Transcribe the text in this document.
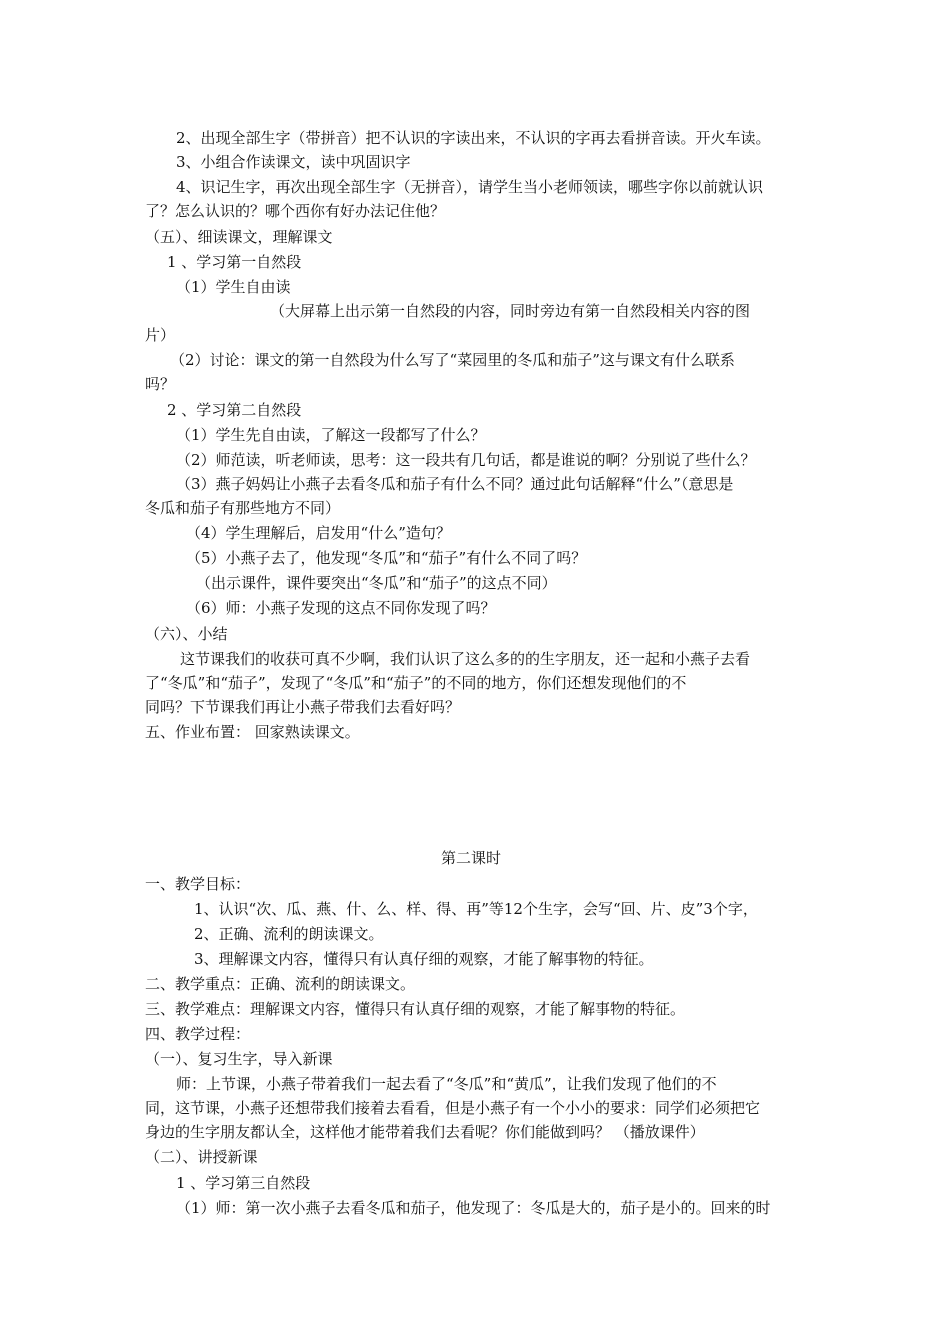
2、出现全部生字（带拼音）把不认识的字读出来，不认识的字再去看拼音读。开火车读。
3、小组合作读课文，读中巩固识字
4、识记生字，再次出现全部生字（无拼音），请学生当小老师领读，哪些字你以前就认识
了？怎么认识的？哪个西你有好办法记住他？
（五）、细读课文，理解课文
1 、学习第一自然段
（1）学生自由读
（大屏幕上出示第一自然段的内容，同时旁边有第一自然段相关内容的图
片）
（2）讨论：课文的第一自然段为什么写了“菜园里的冬瓜和茄子”这与课文有什么联系
吗？
2 、学习第二自然段
（1）学生先自由读，了解这一段都写了什么？
（2）师范读，听老师读，思考：这一段共有几句话，都是谁说的啊？分别说了些什么？
（3）燕子妈妈让小燕子去看冬瓜和茄子有什么不同？通过此句话解释“什么”（意思是
冬瓜和茄子有那些地方不同）
（4）学生理解后，启发用“什么”造句？
（5）小燕子去了，他发现“冬瓜”和“茄子”有什么不同了吗？
（出示课件，课件要突出“冬瓜”和“茄子”的这点不同）
（6）师：小燕子发现的这点不同你发现了吗？
（六）、小结
这节课我们的收获可真不少啊，我们认识了这么多的的生字朋友，还一起和小燕子去看
了“冬瓜”和“茄子”，发现了“冬瓜”和“茄子”的不同的地方，你们还想发现他们的不
同吗？下节课我们再让小燕子带我们去看好吗？
五、作业布置： 回家熟读课文。
第二课时
一、教学目标：
1、认识“次、瓜、燕、什、么、样、得、再”等12个生字，会写“回、片、皮”3个字，
2、正确、流利的朗读课文。
3、理解课文内容，懂得只有认真仔细的观察，才能了解事物的特征。
二、教学重点：正确、流利的朗读课文。
三、教学难点：理解课文内容，懂得只有认真仔细的观察，才能了解事物的特征。
四、教学过程：
（一）、复习生字，导入新课
师：上节课，小燕子带着我们一起去看了“冬瓜”和“黄瓜”，让我们发现了他们的不
同，这节课，小燕子还想带我们接着去看看，但是小燕子有一个小小的要求：同学们必须把它
身边的生字朋友都认全，这样他才能带着我们去看呢？你们能做到吗？ （播放课件）
（二）、讲授新课
1 、学习第三自然段
（1）师：第一次小燕子去看冬瓜和茄子，他发现了：冬瓜是大的，茄子是小的。回来的时
